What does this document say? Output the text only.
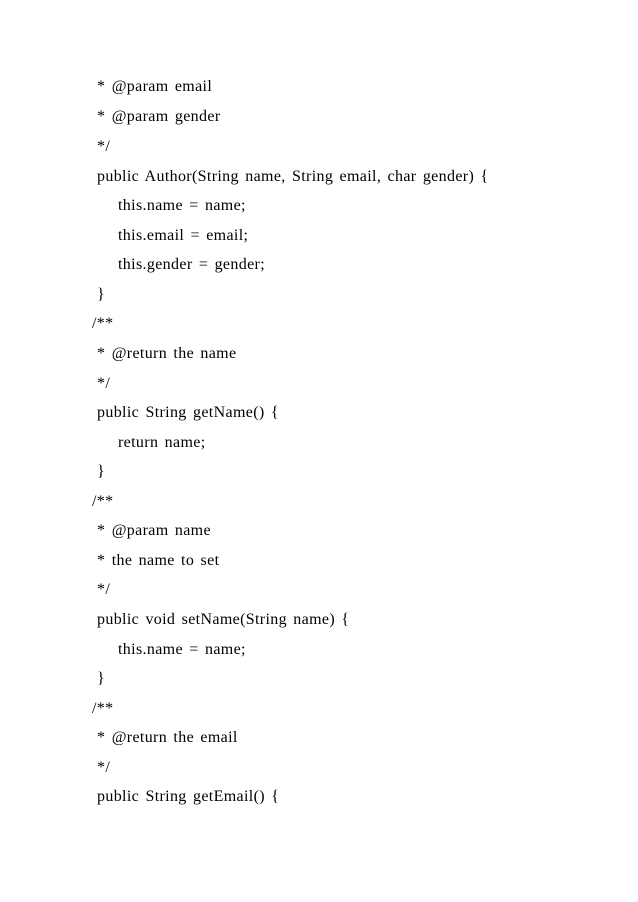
* @param email
* @param gender
*/
public Author(String name, String email, char gender) {
this.name = name;
this.email = email;
this.gender = gender;
}
/**
* @return the name
*/
public String getName() {
return name;
}
/**
* @param name
* the name to set
*/
public void setName(String name) {
this.name = name;
}
/**
* @return the email
*/
public String getEmail() {
